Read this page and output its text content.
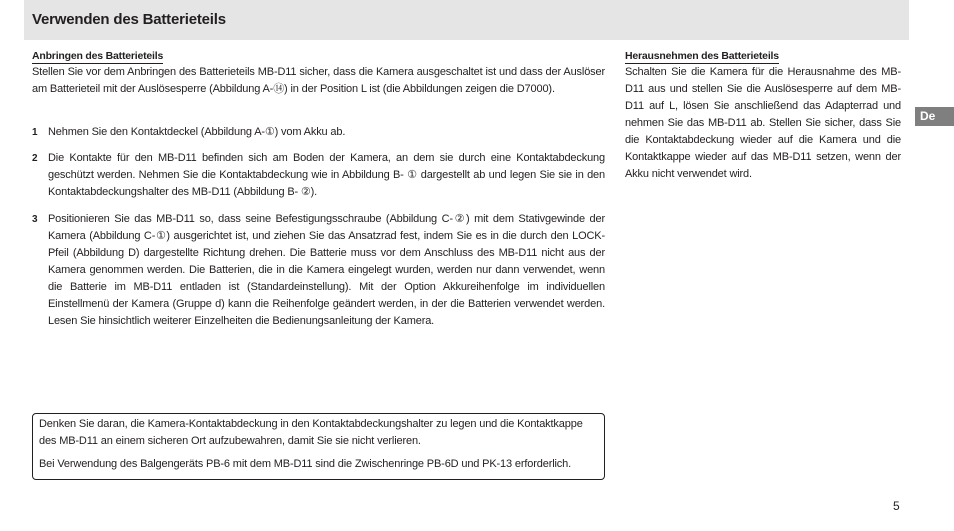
Verwenden des Batterieteils
Anbringen des Batterieteils

Stellen Sie vor dem Anbringen des Batterieteils MB-D11 sicher, dass die Kamera ausgeschaltet ist und dass der Auslöser am Batterieteil mit der Auslösesperre (Abbildung A-⑭) in der Position L ist (die Abbildungen zeigen die D7000).

1 Nehmen Sie den Kontaktdeckel (Abbildung A-①) vom Akku ab.
2 Die Kontakte für den MB-D11 befinden sich am Boden der Kamera, an dem sie durch eine Kontaktabdeckung geschützt werden. Nehmen Sie die Kontaktabdeckung wie in Abbildung B- ① dargestellt ab und legen Sie sie in den Kontaktabdeckungshalter des MB-D11 (Abbildung B- ②).
3 Positionieren Sie das MB-D11 so, dass seine Befestigungsschraube (Abbildung C-②) mit dem Stativgewinde der Kamera (Abbildung C-①) ausgerichtet ist, und ziehen Sie das Ansatzrad fest, indem Sie es in die durch den LOCK-Pfeil (Abbildung D) dargestellte Richtung drehen. Die Batterie muss vor dem Anschluss des MB-D11 nicht aus der Kamera genommen werden. Die Batterien, die in die Kamera eingelegt wurden, werden nur dann verwendet, wenn die Batterie im MB-D11 entladen ist (Standardeinstellung). Mit der Option Akkureihenfolge im individuellen Einstellmenü der Kamera (Gruppe d) kann die Reihenfolge geändert werden, in der die Batterien verwendet werden. Lesen Sie hinsichtlich weiterer Einzelheiten die Bedienungsanleitung der Kamera.

Denken Sie daran, die Kamera-Kontaktabdeckung in den Kontaktabdeckungshalter zu legen und die Kontaktkappe des MB-D11 an einem sicheren Ort aufzubewahren, damit Sie sie nicht verlieren.

Bei Verwendung des Balgengeräts PB-6 mit dem MB-D11 sind die Zwischenringe PB-6D und PK-13 erforderlich.

Herausnehmen des Batterieteils

Schalten Sie die Kamera für die Herausnahme des MB-D11 aus und stellen Sie die Auslösesperre auf dem MB-D11 auf L, lösen Sie anschließend das Adapterrad und nehmen Sie das MB-D11 ab. Stellen Sie sicher, dass Sie die Kontaktabdeckung wieder auf die Kamera und die Kontaktkappe wieder auf das MB-D11 setzen, wenn der Akku nicht verwendet wird.

De
5
